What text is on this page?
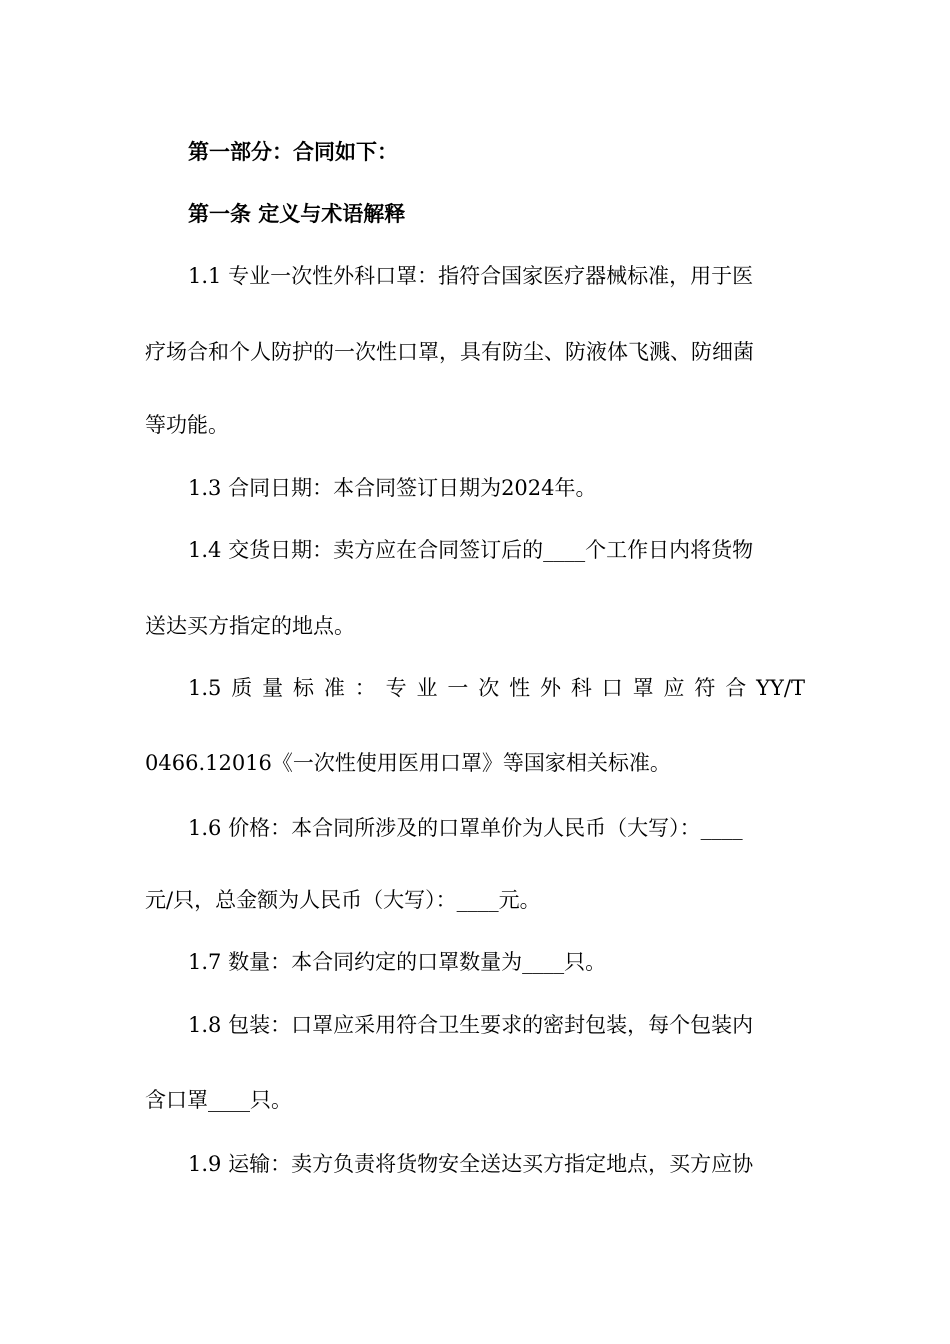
第一部分：合同如下：
第一条 定义与术语解释
1.1 专业一次性外科口罩：指符合国家医疗器械标准，用于医
疗场合和个人防护的一次性口罩，具有防尘、防液体飞溅、防细菌
等功能。
1.3 合同日期：本合同签订日期为2024年。
1.4 交货日期：卖方应在合同签订后的____个工作日内将货物
送达买方指定的地点。
1.5 质 量 标 准 ： 专 业 一 次 性 外 科 口 罩 应 符 合 YY/T
0466.12016《一次性使用医用口罩》等国家相关标准。
1.6 价格：本合同所涉及的口罩单价为人民币（大写）：____
元/只，总金额为人民币（大写）：____元。
1.7 数量：本合同约定的口罩数量为____只。
1.8 包装：口罩应采用符合卫生要求的密封包装，每个包装内
含口罩____只。
1.9 运输：卖方负责将货物安全送达买方指定地点，买方应协
